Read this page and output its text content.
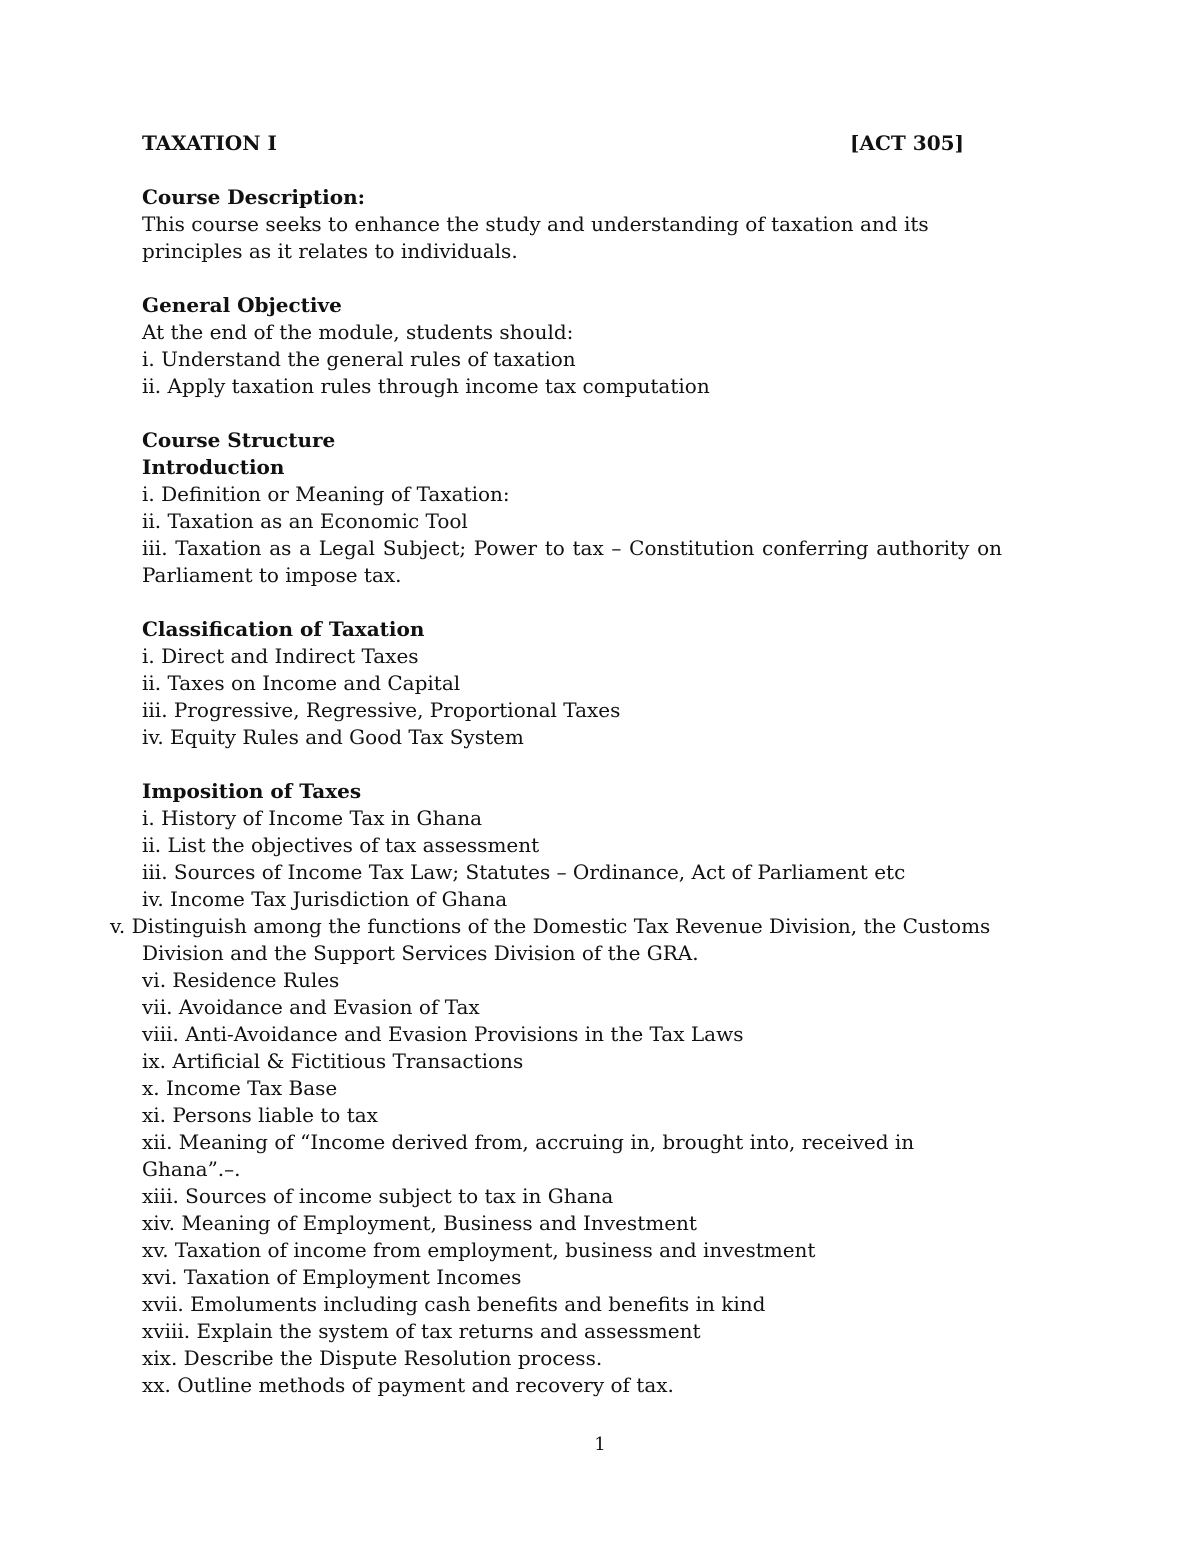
TAXATION I	[ACT 305]
Course Description:

This course seeks to enhance the study and understanding of taxation and its principles as it relates to individuals.

General Objective
At the end of the module, students should:
i. Understand the general rules of taxation
ii. Apply taxation rules through income tax computation
Course Structure
Introduction
i. Definition or Meaning of Taxation:
ii. Taxation as an Economic Tool
iii. Taxation as a Legal Subject; Power to tax – Constitution conferring authority on Parliament to impose tax.
Classification of Taxation
i. Direct and Indirect Taxes
ii. Taxes on Income and Capital
iii. Progressive, Regressive, Proportional Taxes
iv. Equity Rules and Good Tax System
Imposition of Taxes
i. History of Income Tax in Ghana
ii. List the objectives of tax assessment
iii. Sources of Income Tax Law; Statutes – Ordinance, Act of Parliament etc
iv. Income Tax Jurisdiction of Ghana
v. Distinguish among the functions of the Domestic Tax Revenue Division, the Customs Division and the Support Services Division of the GRA.
vi. Residence Rules
vii. Avoidance and Evasion of Tax
viii. Anti-Avoidance and Evasion Provisions in the Tax Laws
ix. Artificial & Fictitious Transactions
x. Income Tax Base
xi. Persons liable to tax
xii. Meaning of “Income derived from, accruing in, brought into, received in Ghana”.–.
xiii. Sources of income subject to tax in Ghana
xiv. Meaning of Employment, Business and Investment
xv. Taxation of income from employment, business and investment
xvi. Taxation of Employment Incomes
xvii. Emoluments including cash benefits and benefits in kind
xviii. Explain the system of tax returns and assessment
xix. Describe the Dispute Resolution process.
xx. Outline methods of payment and recovery of tax.
1
